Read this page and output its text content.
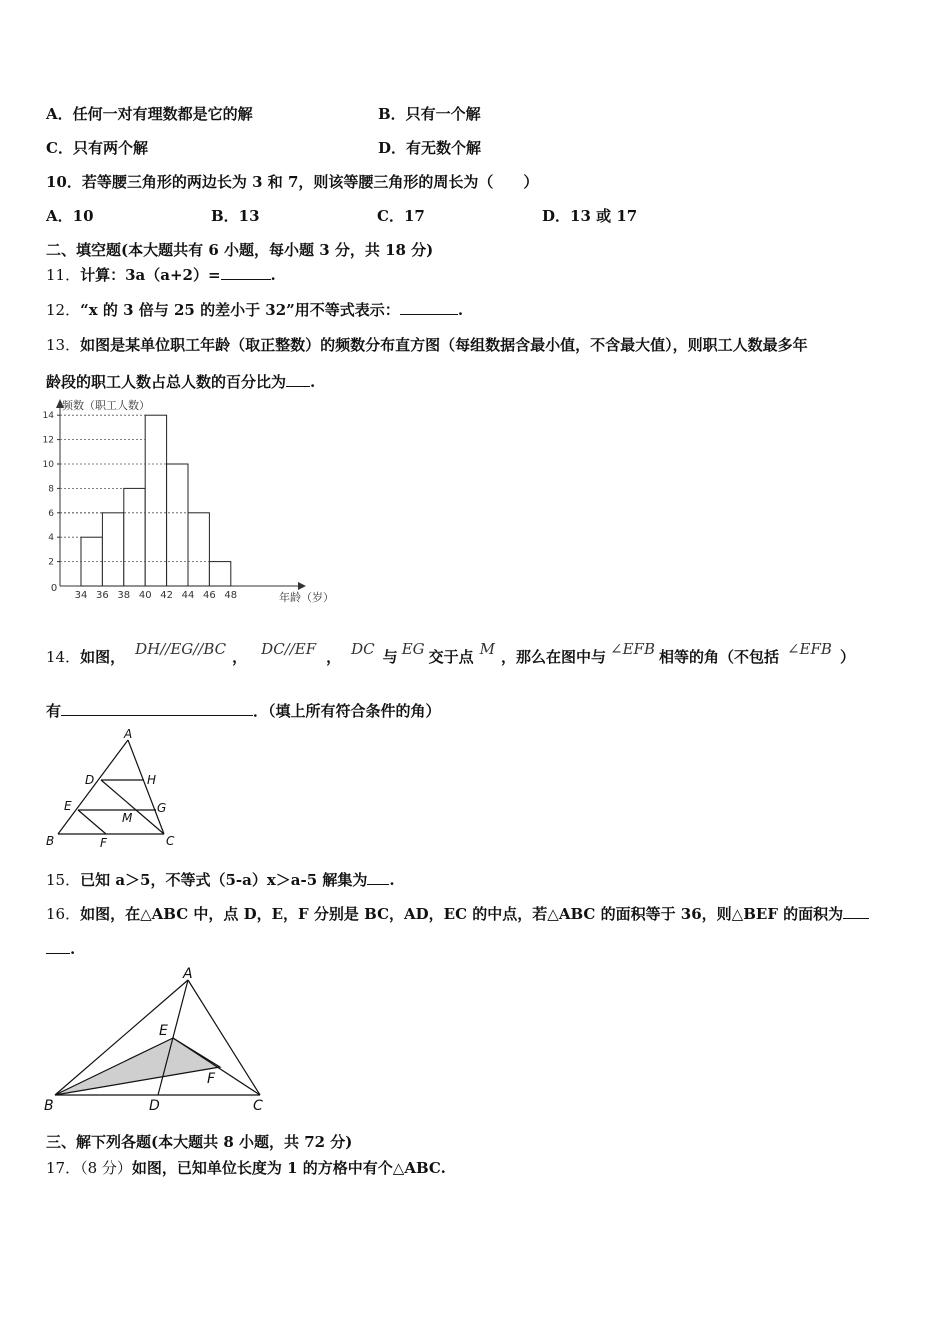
A．任何一对有理数都是它的解	B．只有一个解
C．只有两个解	D．有无数个解
10．若等腰三角形的两边长为 3 和 7，则该等腰三角形的周长为（　　）
A．10	B．13	C．17	D．13 或 17
二、填空题(本大题共有 6 小题，每小题 3 分，共 18 分)
11．计算：3a（a+2）=	.
12．“x 的 3 倍与 25 的差小于 32”用不等式表示：	.
13．如图是某单位职工年龄（取正整数）的频数分布直方图（每组数据含最小值，不含最大值），则职工人数最多年
龄段的职工人数占总人数的百分比为 .
2
4
6
8
10
12
14
34 36 38 40 42 44 46 48
0
频数（职工人数）
年龄（岁）
14．如图， DH//EG//BC ， DC//EF ， DC 与 EG 交于点 M ，那么在图中与 ∠EFB 相等的角（不包括 ∠EFB ）
有	．（填上所有符合条件的角）
A
D	H
E	G
M
B	F	C
15．已知 a＞5，不等式（5-a）x＞a-5 解集为 .
16．如图，在△ABC 中，点 D，E，F 分别是 BC，AD，EC 的中点，若△ABC 的面积等于 36，则△BEF 的面积为
.
A
E
F
B	D	C
三、解下列各题(本大题共 8 小题，共 72 分)
17．（8 分）如图，已知单位长度为 1 的方格中有个△ABC.
